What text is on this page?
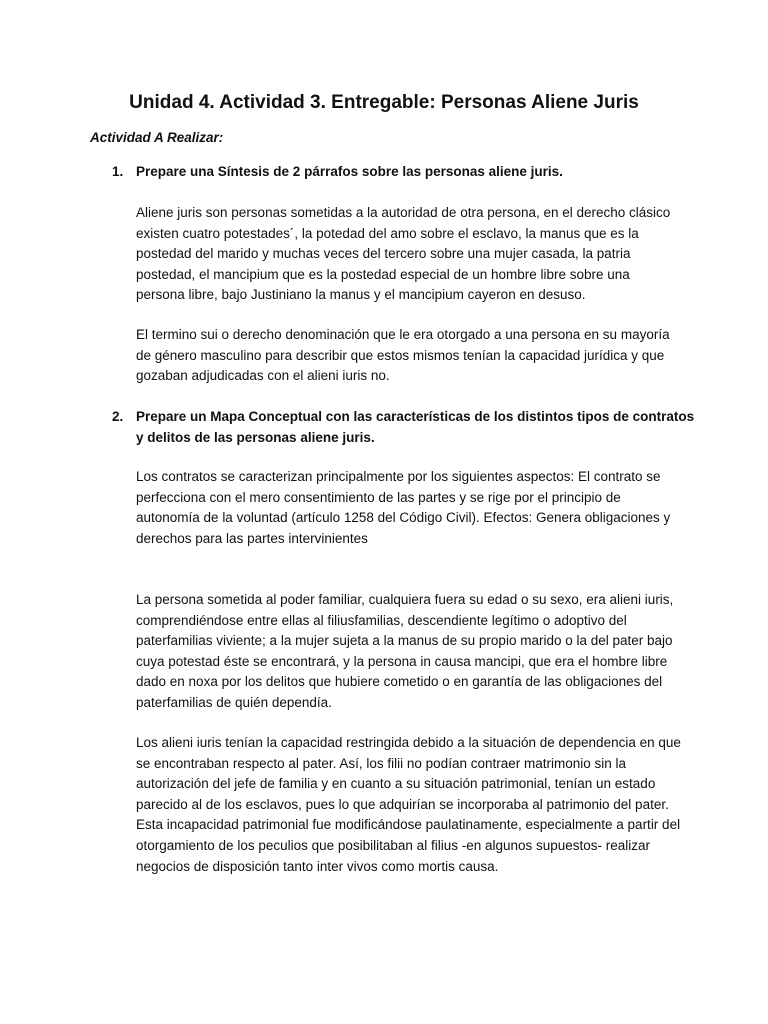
Unidad 4. Actividad 3. Entregable: Personas Aliene Juris
Actividad A Realizar:
1. Prepare una Síntesis de 2 párrafos sobre las personas aliene juris.
Aliene juris son personas sometidas a la autoridad de otra persona, en el derecho clásico existen cuatro potestades´, la potedad del amo sobre el esclavo, la manus que es la postedad del marido y muchas veces del tercero sobre una mujer casada, la patria postedad, el mancipium que es la postedad especial de un hombre libre sobre una persona libre, bajo Justiniano la manus y el mancipium cayeron en desuso.
El termino sui o derecho denominación que le era otorgado a una persona en su mayoría de género masculino para describir que estos mismos tenían la capacidad jurídica y que gozaban adjudicadas con el alieni iuris no.
2. Prepare un Mapa Conceptual con las características de los distintos tipos de contratos y delitos de las personas aliene juris.
Los contratos se caracterizan principalmente por los siguientes aspectos: El contrato se perfecciona con el mero consentimiento de las partes y se rige por el principio de autonomía de la voluntad (artículo 1258 del Código Civil). Efectos: Genera obligaciones y derechos para las partes intervinientes
La persona sometida al poder familiar, cualquiera fuera su edad o su sexo, era alieni iuris, comprendiéndose entre ellas al filiusfamilias, descendiente legítimo o adoptivo del paterfamilias viviente; a la mujer sujeta a la manus de su propio marido o la del pater bajo cuya potestad éste se encontrará, y la persona in causa mancipi, que era el hombre libre dado en noxa por los delitos que hubiere cometido o en garantía de las obligaciones del paterfamilias de quién dependía.
Los alieni iuris tenían la capacidad restringida debido a la situación de dependencia en que se encontraban respecto al pater. Así, los filii no podían contraer matrimonio sin la autorización del jefe de familia y en cuanto a su situación patrimonial, tenían un estado parecido al de los esclavos, pues lo que adquirían se incorporaba al patrimonio del pater. Esta incapacidad patrimonial fue modificándose paulatinamente, especialmente a partir del otorgamiento de los peculios que posibilitaban al filius -en algunos supuestos- realizar negocios de disposición tanto inter vivos como mortis causa.
